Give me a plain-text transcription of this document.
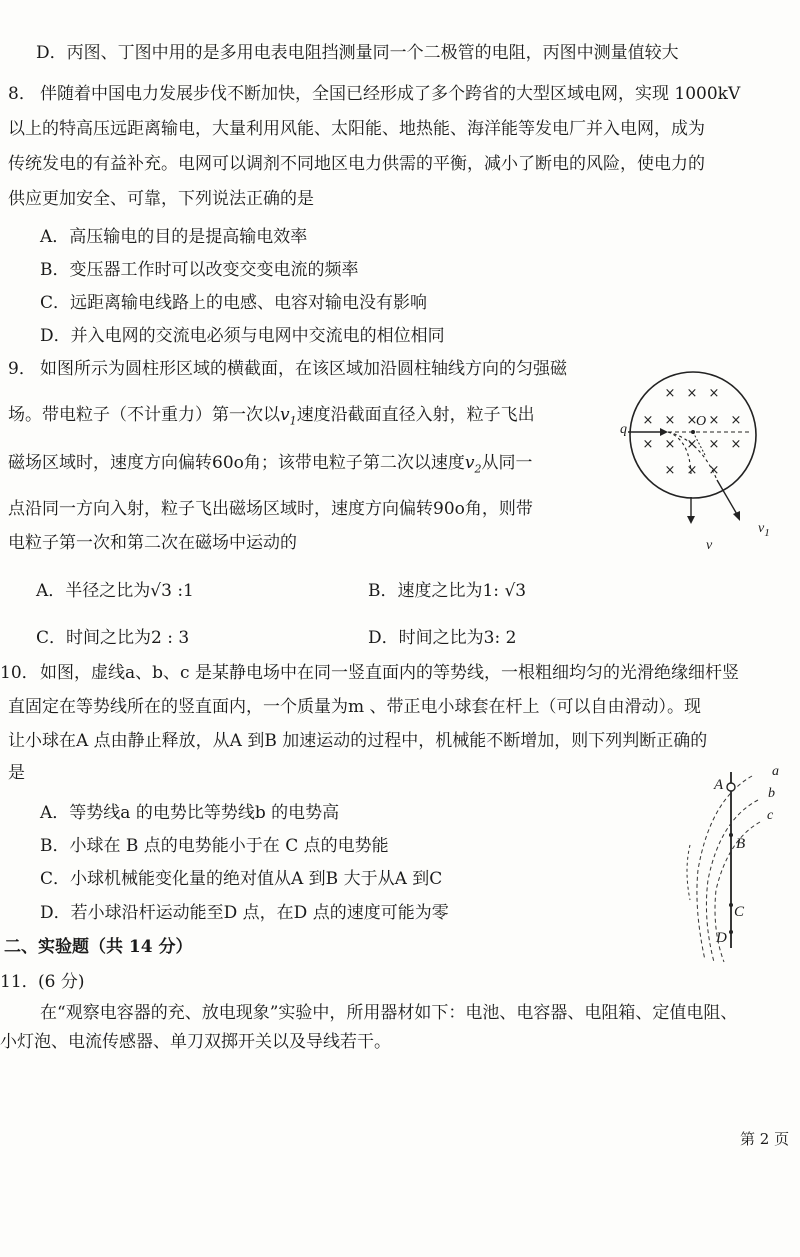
D．丙图、丁图中用的是多用电表电阻挡测量同一个二极管的电阻，丙图中测量值较大
8． 伴随着中国电力发展步伐不断加快，全国已经形成了多个跨省的大型区域电网，实现 1000kV
以上的特高压远距离输电，大量利用风能、太阳能、地热能、海洋能等发电厂并入电网，成为
传统发电的有益补充。电网可以调剂不同地区电力供需的平衡，减小了断电的风险，使电力的
供应更加安全、可靠，下列说法正确的是
A．高压输电的目的是提高输电效率
B．变压器工作时可以改变交变电流的频率
C．远距离输电线路上的电感、电容对输电没有影响
D．并入电网的交流电必须与电网中交流电的相位相同
9． 如图所示为圆柱形区域的横截面，在该区域加沿圆柱轴线方向的匀强磁
场。带电粒子（不计重力）第一次以$v_1$速度沿截面直径入射，粒子飞出
磁场区域时，速度方向偏转60o角；该带电粒子第二次以速度$v_2$从同一
点沿同一方向入射，粒子飞出磁场区域时，速度方向偏转90o角，则带
电粒子第一次和第二次在磁场中运动的
A．半径之比为√3 :1	B．速度之比为1: √3
C．时间之比为2 : 3	D．时间之比为3: 2
× × ×
× × × × ×
× × × × ×
× × ×
q
O
v
$v_1$
10． 如图，虚线a、b、c 是某静电场中在同一竖直面内的等势线，一根粗细均匀的光滑绝缘细杆竖
直固定在等势线所在的竖直面内，一个质量为m 、带正电小球套在杆上（可以自由滑动）。现
让小球在A 点由静止释放，从A 到B 加速运动的过程中，机械能不断增加，则下列判断正确的
是
A．等势线a 的电势比等势线b 的电势高
B．小球在 B 点的电势能小于在 C 点的电势能
C．小球机械能变化量的绝对值从A 到B 大于从A 到C
D．若小球沿杆运动能至D 点，在D 点的速度可能为零
A
B
C
D
a
b
c
二、实验题（共 14 分）
11． (6 分)
在“观察电容器的充、放电现象”实验中，所用器材如下：电池、电容器、电阻箱、定值电阻、
小灯泡、电流传感器、单刀双掷开关以及导线若干。
第 2 页
